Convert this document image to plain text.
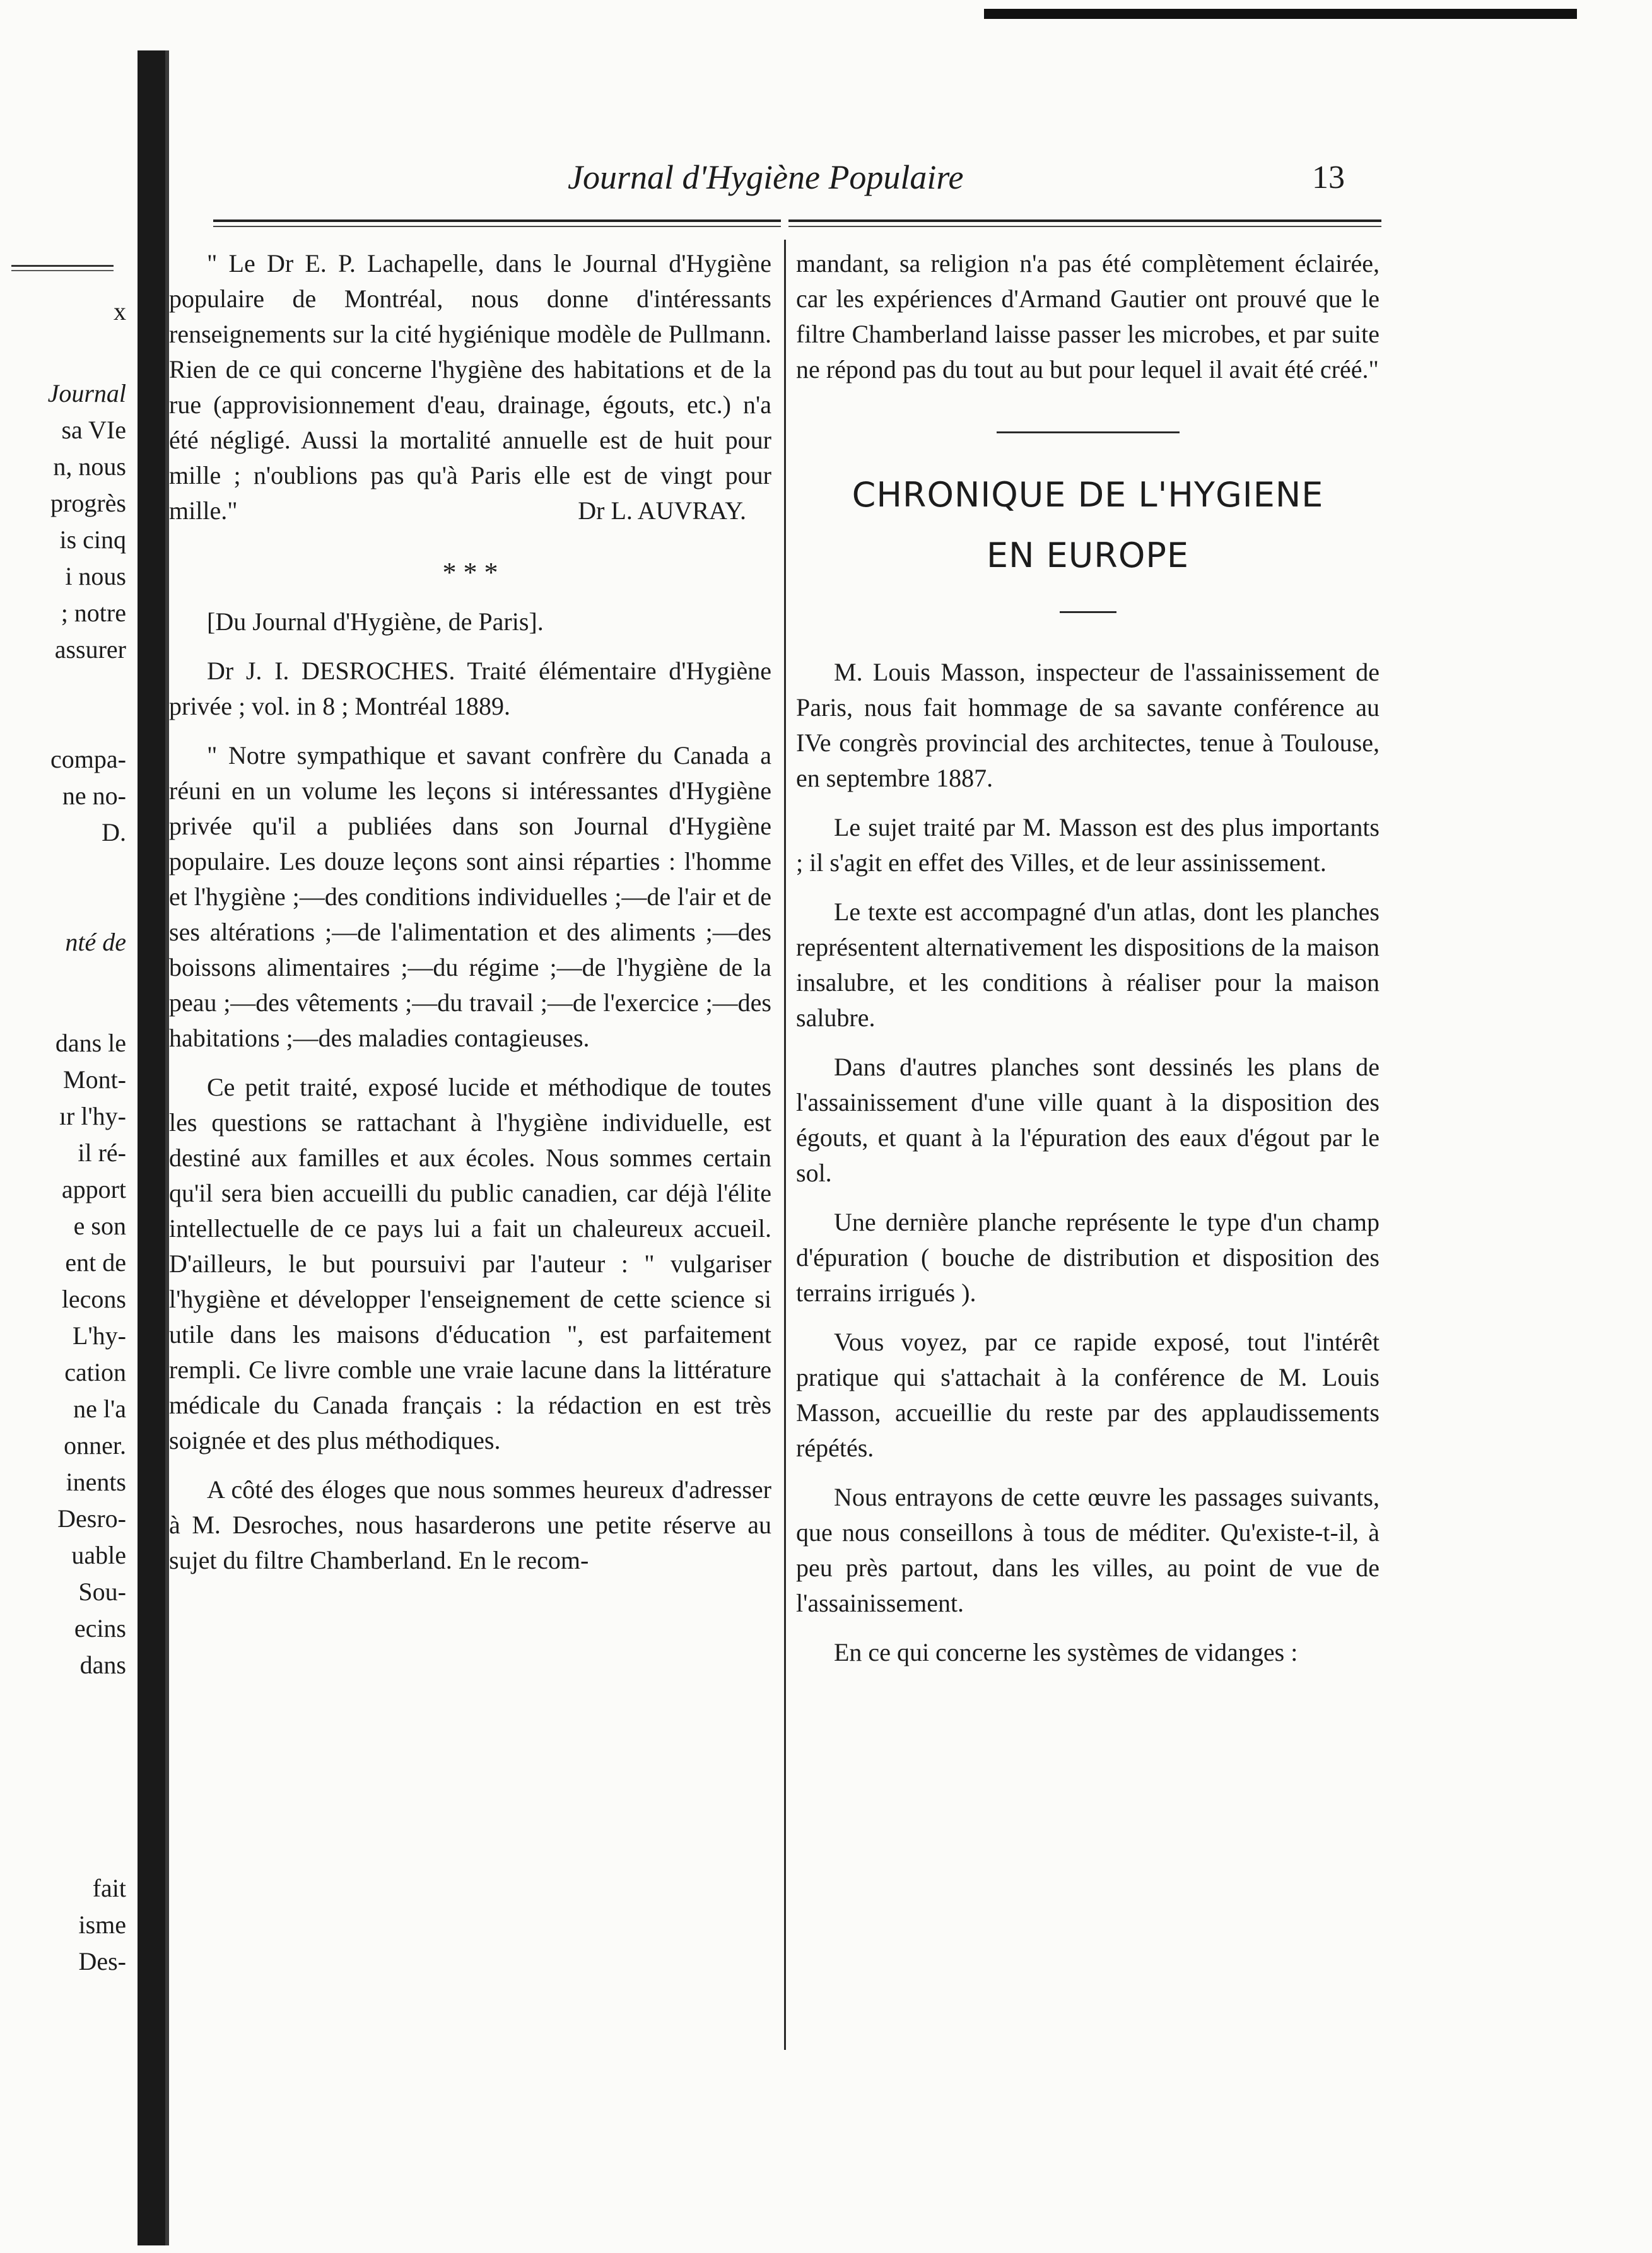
Journal d'Hygiène Populaire	13
x
Journal
sa VIe
n, nous
progrès
is cinq
i nous
; notre
assurer
compa-
ne no-
D.
nté de
dans le
Mont-
ır l'hy-
il ré-
apport
e son
ent de
lecons
L'hy-
cation
ne l'a
onner.
inents
Desro-
uable
Sou-
ecins
dans
fait
isme
Des-

" Le Dr E. P. Lachapelle, dans le Journal d'Hygiène populaire de Montréal, nous donne d'intéressants renseignements sur la cité hygiénique modèle de Pullmann. Rien de ce qui concerne l'hygiène des habitations et de la rue (approvisionnement d'eau, drainage, égouts, etc.) n'a été négligé. Aussi la mortalité annuelle est de huit pour mille ; n'oublions pas qu'à Paris elle est de vingt pour mille."	Dr L. AUVRAY.

* * *

[Du Journal d'Hygiène, de Paris].

Dr J. I. DESROCHES. Traité élémentaire d'Hygiène privée ; vol. in 8 ; Montréal 1889.

" Notre sympathique et savant confrère du Canada a réuni en un volume les leçons si intéressantes d'Hygiène privée qu'il a publiées dans son Journal d'Hygiène populaire. Les douze leçons sont ainsi réparties : l'homme et l'hygiène ;—des conditions individuelles ;—de l'air et de ses altérations ;—de l'alimentation et des aliments ;—des boissons alimentaires ;—du régime ;—de l'hygiène de la peau ;—des vêtements ;—du travail ;—de l'exercice ;—des habitations ;—des maladies contagieuses.

Ce petit traité, exposé lucide et méthodique de toutes les questions se rattachant à l'hygiène individuelle, est destiné aux familles et aux écoles. Nous sommes certain qu'il sera bien accueilli du public canadien, car déjà l'élite intellectuelle de ce pays lui a fait un chaleureux accueil. D'ailleurs, le but poursuivi par l'auteur : " vulgariser l'hygiène et développer l'enseignement de cette science si utile dans les maisons d'éducation ", est parfaitement rempli. Ce livre comble une vraie lacune dans la littérature médicale du Canada français : la rédaction en est très soignée et des plus méthodiques.

A côté des éloges que nous sommes heureux d'adresser à M. Desroches, nous hasarderons une petite réserve au sujet du filtre Chamberland. En le recom-

mandant, sa religion n'a pas été complètement éclairée, car les expériences d'Armand Gautier ont prouvé que le filtre Chamberland laisse passer les microbes, et par suite ne répond pas du tout au but pour lequel il avait été créé."

CHRONIQUE DE L'HYGIENE
EN EUROPE

M. Louis Masson, inspecteur de l'assainissement de Paris, nous fait hommage de sa savante conférence au IVe congrès provincial des architectes, tenue à Toulouse, en septembre 1887.

Le sujet traité par M. Masson est des plus importants ; il s'agit en effet des Villes, et de leur assinissement.

Le texte est accompagné d'un atlas, dont les planches représentent alternativement les dispositions de la maison insalubre, et les conditions à réaliser pour la maison salubre.

Dans d'autres planches sont dessinés les plans de l'assainissement d'une ville quant à la disposition des égouts, et quant à la l'épuration des eaux d'égout par le sol.

Une dernière planche représente le type d'un champ d'épuration ( bouche de distribution et disposition des terrains irrigués ).

Vous voyez, par ce rapide exposé, tout l'intérêt pratique qui s'attachait à la conférence de M. Louis Masson, accueillie du reste par des applaudissements répétés.

Nous entrayons de cette œuvre les passages suivants, que nous conseillons à tous de méditer. Qu'existe-t-il, à peu près partout, dans les villes, au point de vue de l'assainissement.

En ce qui concerne les systèmes de vidanges :
